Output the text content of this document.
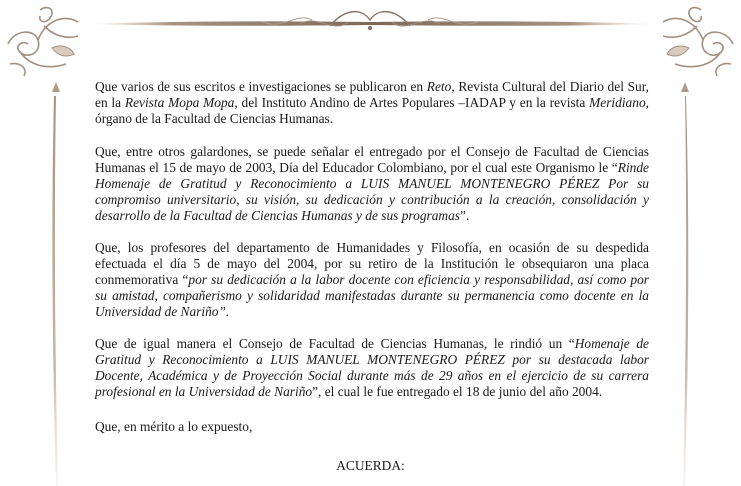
Que varios de sus escritos e investigaciones se publicaron en Reto, Revista Cultural del Diario del Sur, en la Revista Mopa Mopa, del Instituto Andino de Artes Populares –IADAP y en la revista Meridiano, órgano de la Facultad de Ciencias Humanas.

Que, entre otros galardones, se puede señalar el entregado por el Consejo de Facultad de Ciencias Humanas el 15 de mayo de 2003, Día del Educador Colombiano, por el cual este Organismo le “Rinde Homenaje de Gratitud y Reconocimiento a LUIS MANUEL MONTENEGRO PÉREZ Por su compromiso universitario, su visión, su dedicación y contribución a la creación, consolidación y desarrollo de la Facultad de Ciencias Humanas y de sus programas”.

Que, los profesores del departamento de Humanidades y Filosofía, en ocasión de su despedida efectuada el día 5 de mayo del 2004, por su retiro de la Institución le obsequiaron una placa conmemorativa “por su dedicación a la labor docente con eficiencia y responsabilidad, así como por su amistad, compañerismo y solidaridad manifestadas durante su permanencia como docente en la Universidad de Nariño”.

Que de igual manera el Consejo de Facultad de Ciencias Humanas, le rindió un “Homenaje de Gratitud y Reconocimiento a LUIS MANUEL MONTENEGRO PÉREZ por su destacada labor Docente, Académica y de Proyección Social durante más de 29 años en el ejercicio de su carrera profesional en la Universidad de Nariño”, el cual le fue entregado el 18 de junio del año 2004.

Que, en mérito a lo expuesto,

ACUERDA:
